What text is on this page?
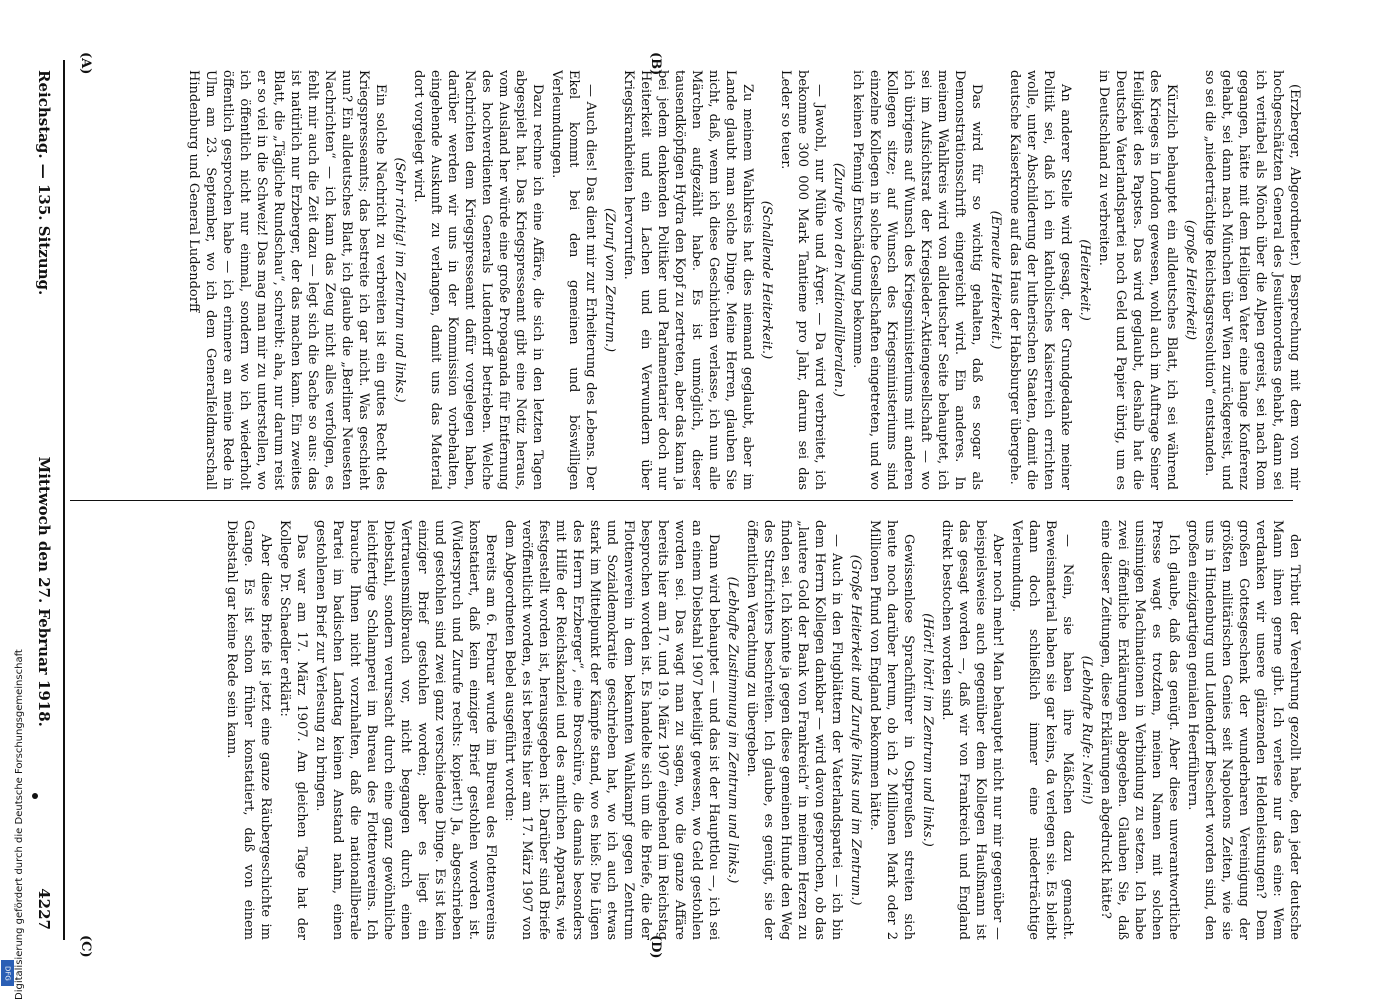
Reichstag. — 135. Sitzung.
Mittwoch den 27. Februar 1918.
4227
(A)	(B)
(C)	(D)

(Erzberger, Abgeordneter.) Besprechung mit dem von mir hochgeschätzten General des Jesuitenordens gehabt, dann sei ich veritabel als Mönch über die Alpen gereist, sei nach Rom gegangen, hätte mit dem Heiligen Vater eine lange Konferenz gehabt, sei dann nach München über Wien zurückgereist, und so sei die „niederträchtige Reichstagsresolution“ entstanden.

(große Heiterkeit)

Kürzlich behauptet ein alldeutsches Blatt, ich sei während des Krieges in London gewesen, wohl auch im Auftrage Seiner Heiligkeit des Papstes. Das wird geglaubt, deshalb hat die Deutsche Vaterlandspartei noch Geld und Papier übrig, um es in Deutschland zu verbreiten.

(Heiterkeit.)

An anderer Stelle wird gesagt, der Grundgedanke meiner Politik sei, daß ich ein katholisches Kaiserreich errichten wolle, unter Abschilderung der lutherischen Staaten, damit die deutsche Kaiserkrone auf das Haus der Habsburger übergehe.

(Erneute Heiterkeit.)

Das wird für so wichtig gehalten, daß es sogar als Demonstrationsschrift eingereicht wird. Ein anderes. In meinem Wahlkreis wird von alldeutscher Seite behauptet, ich sei im Aufsichtsrat der Kriegsleder-Aktiengesellschaft — wo ich übrigens auf Wunsch des Kriegsministeriums mit anderen Kollegen sitze; auf Wunsch des Kriegsministeriums sind einzelne Kollegen in solche Gesellschaften eingetreten, und wo ich keinen Pfennig Entschädigung bekomme.

(Zurufe von den Nationalliberalen.)

— Jawohl, nur Mühe und Ärger. — Da wird verbreitet, ich bekomme 300 000 Mark Tantieme pro Jahr, darum sei das Leder so teuer.

(Schallende Heiterkeit.)

Zu meinem Wahlkreis hat dies niemand geglaubt, aber im Lande glaubt man solche Dinge. Meine Herren, glauben Sie nicht, daß, wenn ich diese Geschichten verlasse, ich nun alle Märchen aufgezählt habe. Es ist unmöglich, dieser tausendköpfigen Hydra den Kopf zu zertreten, aber das kann ja bei jedem denkenden Politiker und Parlamentarier doch nur Heiterkeit und ein Lachen und ein Verwundern über Kriegskrankheiten hervorrufen.

(Zuruf vom Zentrum.)

— Auch dies! Das dient mir zur Erheiterung des Lebens. Der Ekel kommt bei den gemeinen und böswilligen Verleumdungen.

Dazu rechne ich eine Affäre, die sich in den letzten Tagen abgespielt hat. Das Kriegspresseamt gibt eine Notiz heraus, vom Ausland her würde eine große Propaganda für Entfernung des hochverdienten Generals Ludendorff betrieben. Welche Nachrichten dem Kriegspresseamt dafür vorgelegen haben, darüber werden wir uns in der Kommission vorbehalten, eingehende Auskunft zu verlangen, damit uns das Material dort vorgelegt wird.

(Sehr richtig! im Zentrum und links.)

Ein solche Nachricht zu verbreiten ist ein gutes Recht des Kriegspresseamts; das bestreite ich gar nicht. Was geschieht nun? Ein alldeutsches Blatt, ich glaube die „Berliner Neuesten Nachrichten“ — ich kann das Zeug nicht alles verfolgen, es fehlt mir auch die Zeit dazu — legt sich die Sache so aus: das ist natürlich nur Erzberger, der das machen kann. Ein zweites Blatt, die „Tägliche Rundschau“, schreibt: aha, nur darum reist er so viel in die Schweiz! Das mag man mir zu unterstellen, wo ich öffentlich nicht nur einmal, sondern wo ich wiederholt öffentlich gesprochen habe — ich erinnere an meine Rede in Ulm am 23. September, wo ich dem Generalfeldmarschall Hindenburg und General Ludendorff

den Tribut der Verehrung gezollt habe, den jeder deutsche Mann ihnen gerne gibt. Ich verlese nur das eine: Wem verdanken wir unsere glänzenden Heldenleistungen? Dem großen Gottesgeschenk der wunderbaren Vereinigung der größten militärischen Genies seit Napoleons Zeiten, wie sie uns in Hindenburg und Ludendorff beschert worden sind, den großen einzigartigen genialen Heerführern.

Ich glaube, daß das genügt. Aber diese unverantwortliche Presse wagt es trotzdem, meinen Namen mit solchen unsinnigen Machinationen in Verbindung zu setzen. Ich habe zwei öffentliche Erklärungen abgegeben. Glauben Sie, daß eine dieser Zeitungen, diese Erklärungen abgedruckt hätte?

(Lebhafte Rufe: Nein!)

— Nein, sie haben ihre Mäßchen dazu gemacht. Beweismaterial haben sie gar keins, da verlegen sie. Es bleibt dann doch schließlich immer eine niederträchtige Verleumdung.

Aber noch mehr! Man behauptet nicht nur mir gegenüber — beispielsweise auch gegenüber dem Kollegen Haußmann ist das gesagt worden —, daß wir von Frankreich und England direkt bestochen worden sind.

(Hört! hört! im Zentrum und links.)

Gewissenlose Sprachführer in Ostpreußen streiten sich heute noch darüber herum, ob ich 2 Millionen Mark oder 2 Millionen Pfund von England bekommen hätte.

(Große Heiterkeit und Zurufe links und im Zentrum.)

— Auch in den Flugblättern der Vaterlandspartei — ich bin dem Herrn Kollegen dankbar — wird davon gesprochen, ob das „lautere Gold der Bank von Frankreich“ in meinem Herzen zu finden sei. Ich könnte ja gegen diese gemeinen Hunde den Weg des Strafrichters beschreiten. Ich glaube, es genügt, sie der öffentlichen Verachtung zu übergeben.

(Lebhafte Zustimmung im Zentrum und links.)

Dann wird behauptet — und das ist der Haupttlou —, ich sei an einem Diebstahl 1907 beteiligt gewesen, wo Geld gestohlen worden sei. Das wagt man zu sagen, wo die ganze Affäre bereits hier am 17. und 19. März 1907 eingehend im Reichstag besprochen worden ist. Es handelte sich um die Briefe, die der Flottenverein in dem bekannten Wahlkampf gegen Zentrum und Sozialdemokratie geschrieben hat, wo ich auch etwas stark im Mittelpunkt der Kämpfe stand, wo es hieß: Die Lügen des Herrn Erzberger“, eine Broschüre, die damals besonders mit Hilfe der Reichskanzlei und des amtlichen Apparats, wie festgestellt worden ist, herausgegeben ist. Darüber sind Briefe veröffentlicht worden, es ist bereits hier am 17. März 1907 von dem Abgeordneten Bebel ausgeführt worden:

Bereits am 6. Februar wurde im Bureau des Flottenvereins konstatiert, daß kein einziger Brief gestohlen worden ist. (Widerspruch und Zurufe rechts: kopiert!) Ja, abgeschrieben und gestohlen sind zwei ganz verschiedene Dinge. Es ist kein einziger Brief gestohlen worden; aber es liegt ein Vertrauensmißbrauch vor, nicht begangen durch einen Diebstahl, sondern verursacht durch eine ganz gewöhnliche leichtfertige Schlamperei im Bureau des Flottenvereins. Ich brauche Ihnen nicht vorzuhalten, daß die nationalliberale Partei im badischen Landtag keinen Anstand nahm, einen gestohlenen Brief zur Verlesung zu bringen.

Das war am 17. März 1907. Am gleichen Tage hat der Kollege Dr. Schaedler erklärt:

Aber diese Briefe ist jetzt eine ganze Räubergeschichte im Gange. Es ist schon früher konstatiert, daß von einem Diebstahl gar keine Rede sein kann.

Digitalisierung gefördert durch die Deutsche Forschungsgemeinschaft
DFG
